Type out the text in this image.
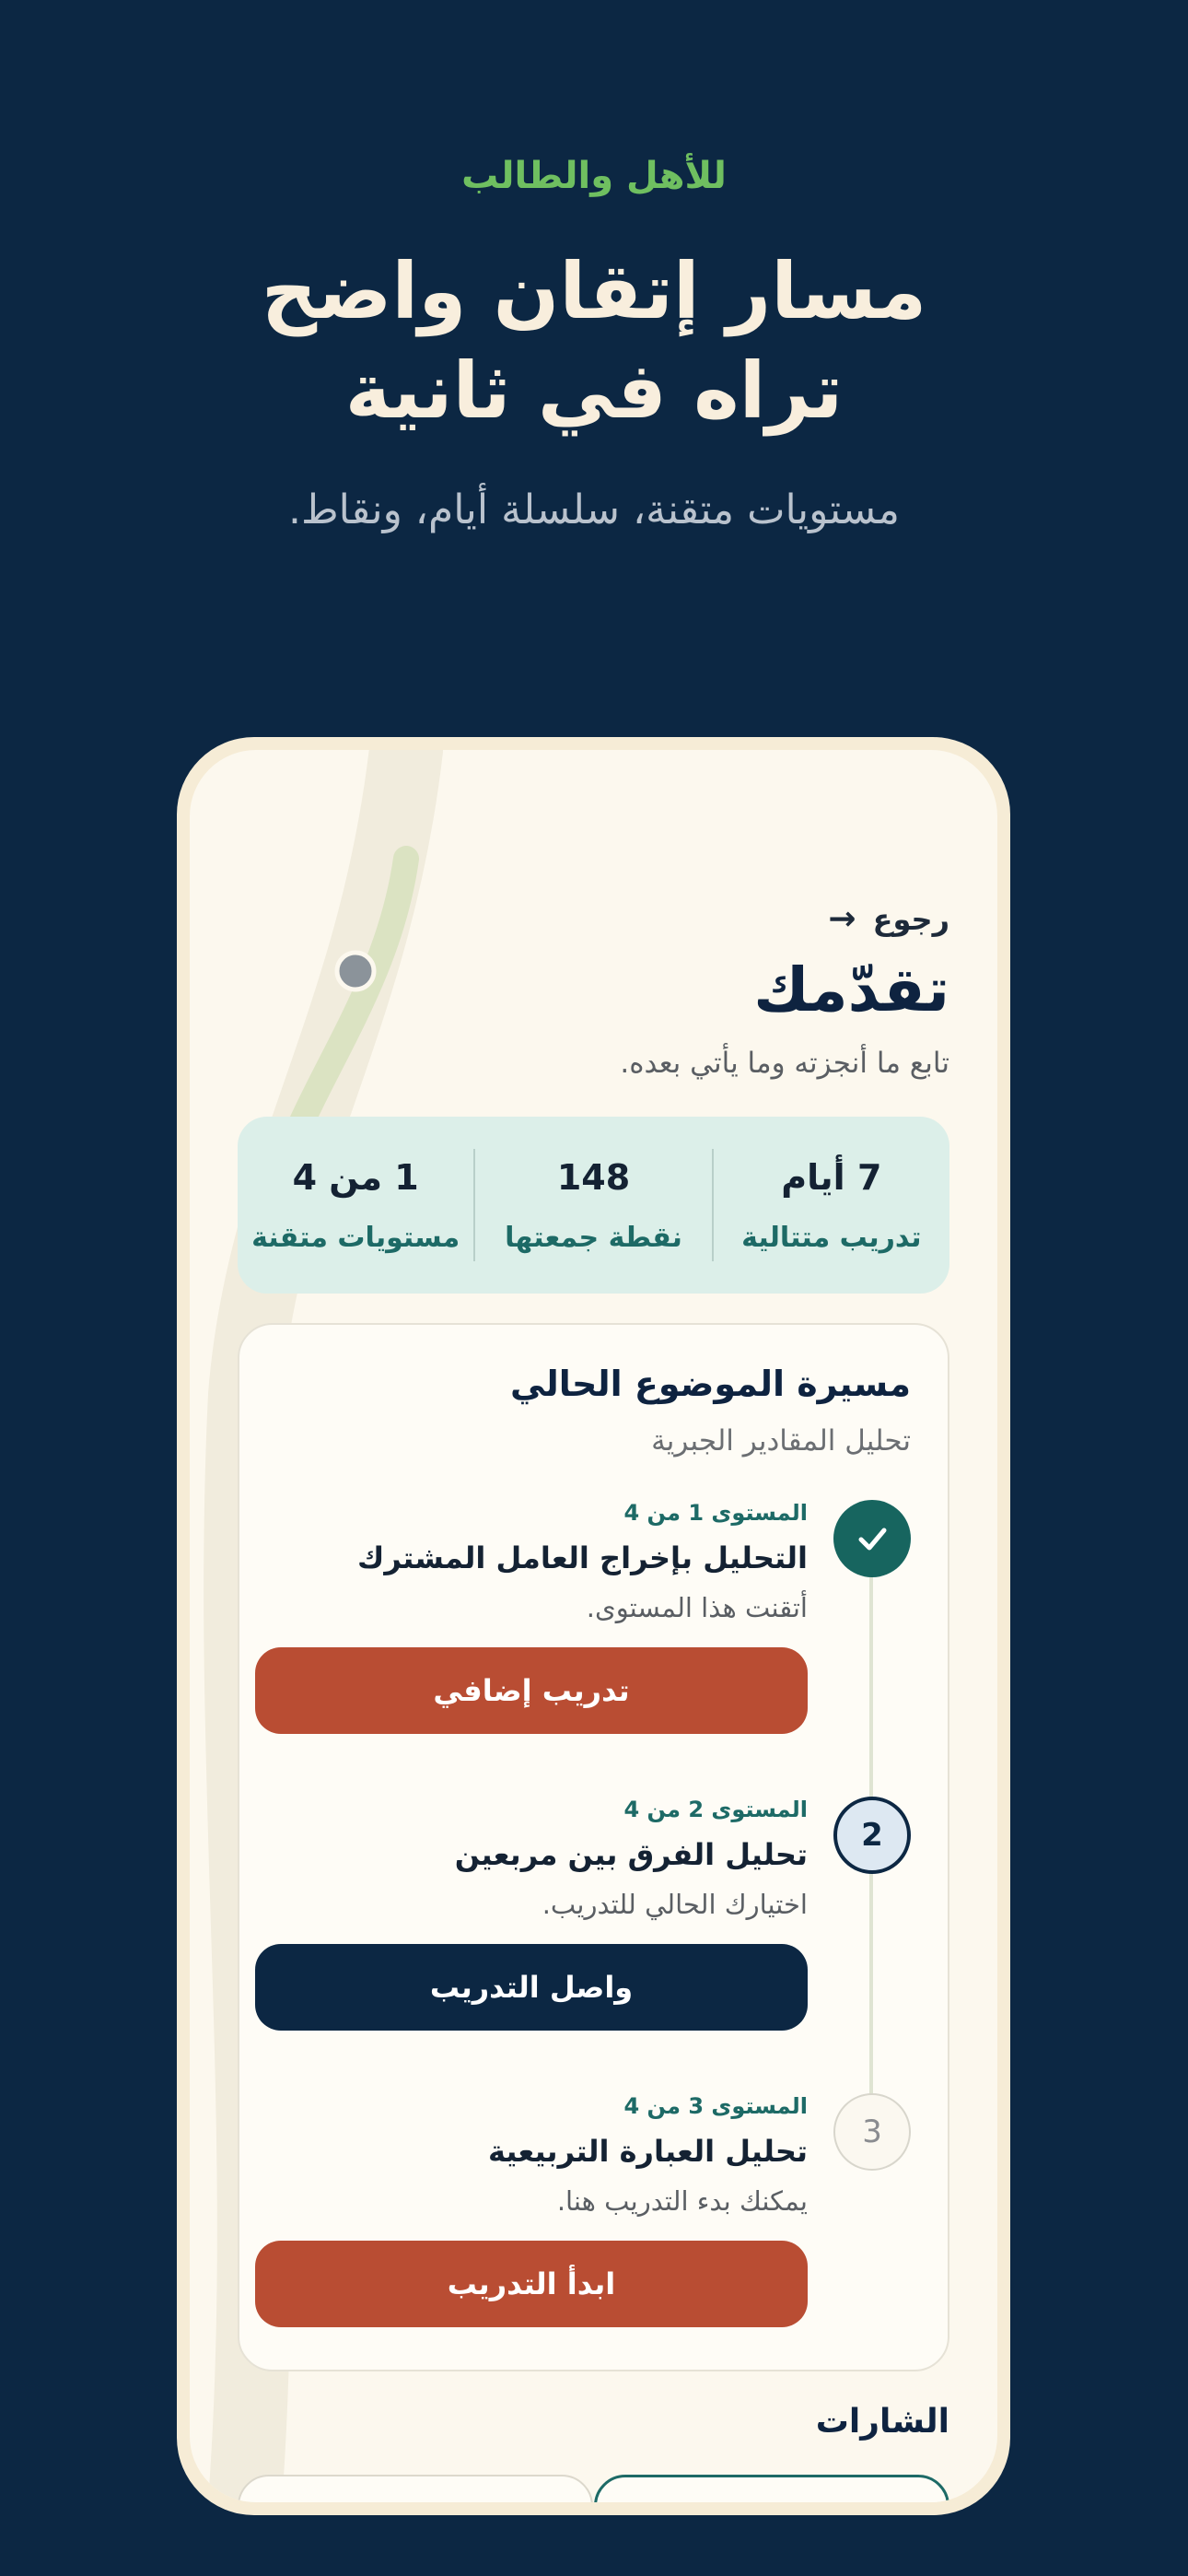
للأهل والطالب
مسار إتقان واضح
تراه في ثانية
مستويات متقنة، سلسلة أيام، ونقاط.
رجوع
→
تقدّمك
تابع ما أنجزته وما يأتي بعده.
7 أيام
تدريب متتالية
148
نقطة جمعتها
1 من 4
مستويات متقنة
مسيرة الموضوع الحالي
تحليل المقادير الجبرية
المستوى 1 من 4
التحليل بإخراج العامل المشترك
أتقنت هذا المستوى.
تدريب إضافي
2
المستوى 2 من 4
تحليل الفرق بين مربعين
اختيارك الحالي للتدريب.
واصل التدريب
3
المستوى 3 من 4
تحليل العبارة التربيعية
يمكنك بدء التدريب هنا.
ابدأ التدريب
الشارات
